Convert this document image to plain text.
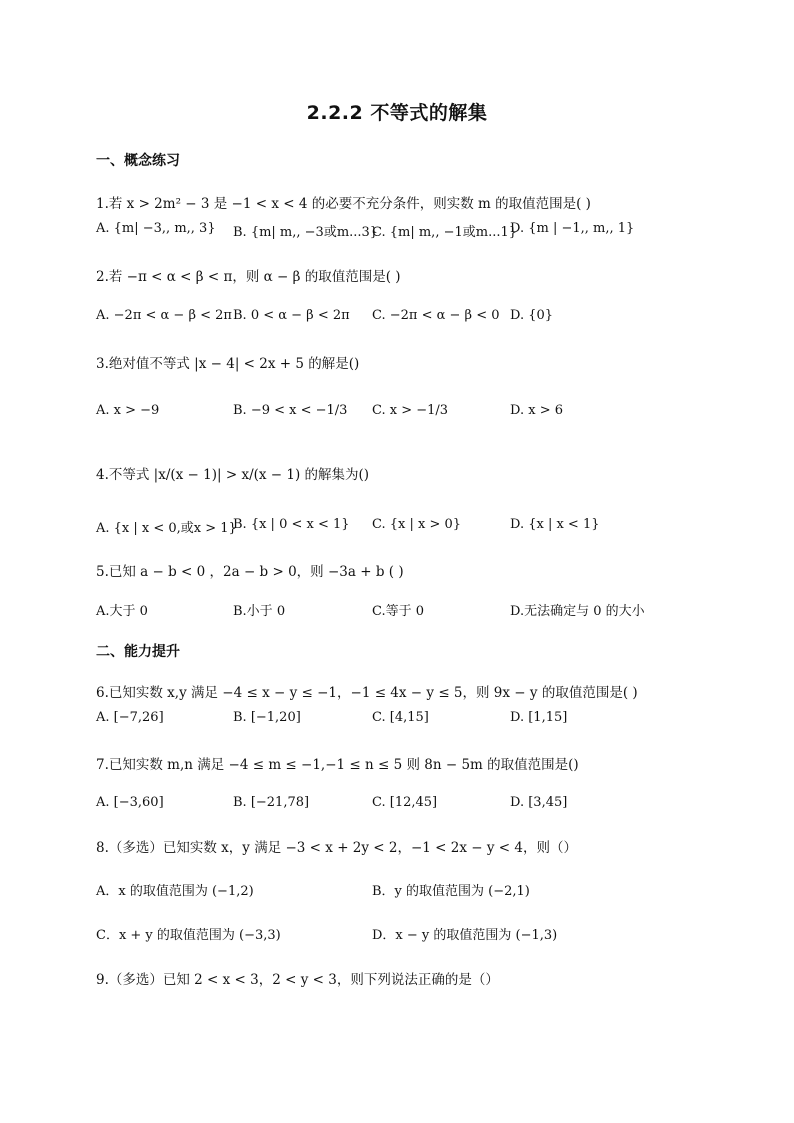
2.2.2 不等式的解集
一、概念练习
1.若 x > 2m² − 3 是 −1 < x < 4 的必要不充分条件，则实数 m 的取值范围是( )
A. {m| −3,, m,, 3} B. {m| m,, −3或m...3}
C. {m| m,, −1或m...1}
D. {m | −1,, m,, 1}
2.若 −π < α < β < π，则 α − β 的取值范围是( )
A. −2π < α − β < 2π B. 0 < α − β < 2π C. −2π < α − β < 0 D. {0}
3.绝对值不等式 |x − 4| < 2x + 5 的解是()
A. x > −9	B. −9 < x < −1/3 C. x > −1/3	D. x > 6
4.不等式 |x/(x − 1)| > x/(x − 1) 的解集为()
A. {x | x < 0,或x > 1}
B. {x | 0 < x < 1} C. {x | x > 0}	D. {x | x < 1}
5.已知 a − b < 0 ，2a − b > 0，则 −3a + b ( )
A.大于 0	B.小于 0	C.等于 0	D.无法确定与 0 的大小
二、能力提升
6.已知实数 x,y 满足 −4 ≤ x − y ≤ −1，−1 ≤ 4x − y ≤ 5，则 9x − y 的取值范围是( )
A. [−7,26]	B. [−1,20]	C. [4,15]	D. [1,15]
7.已知实数 m,n 满足 −4 ≤ m ≤ −1,−1 ≤ n ≤ 5 则 8n − 5m 的取值范围是()
A. [−3,60]	B. [−21,78]	C. [12,45]	D. [3,45]
8.（多选）已知实数 x，y 满足 −3 < x + 2y < 2，−1 < 2x − y < 4，则（）
A．x 的取值范围为 (−1,2)	B．y 的取值范围为 (−2,1)
C．x + y 的取值范围为 (−3,3)	D．x − y 的取值范围为 (−1,3)
9.（多选）已知 2 < x < 3，2 < y < 3，则下列说法正确的是（）
